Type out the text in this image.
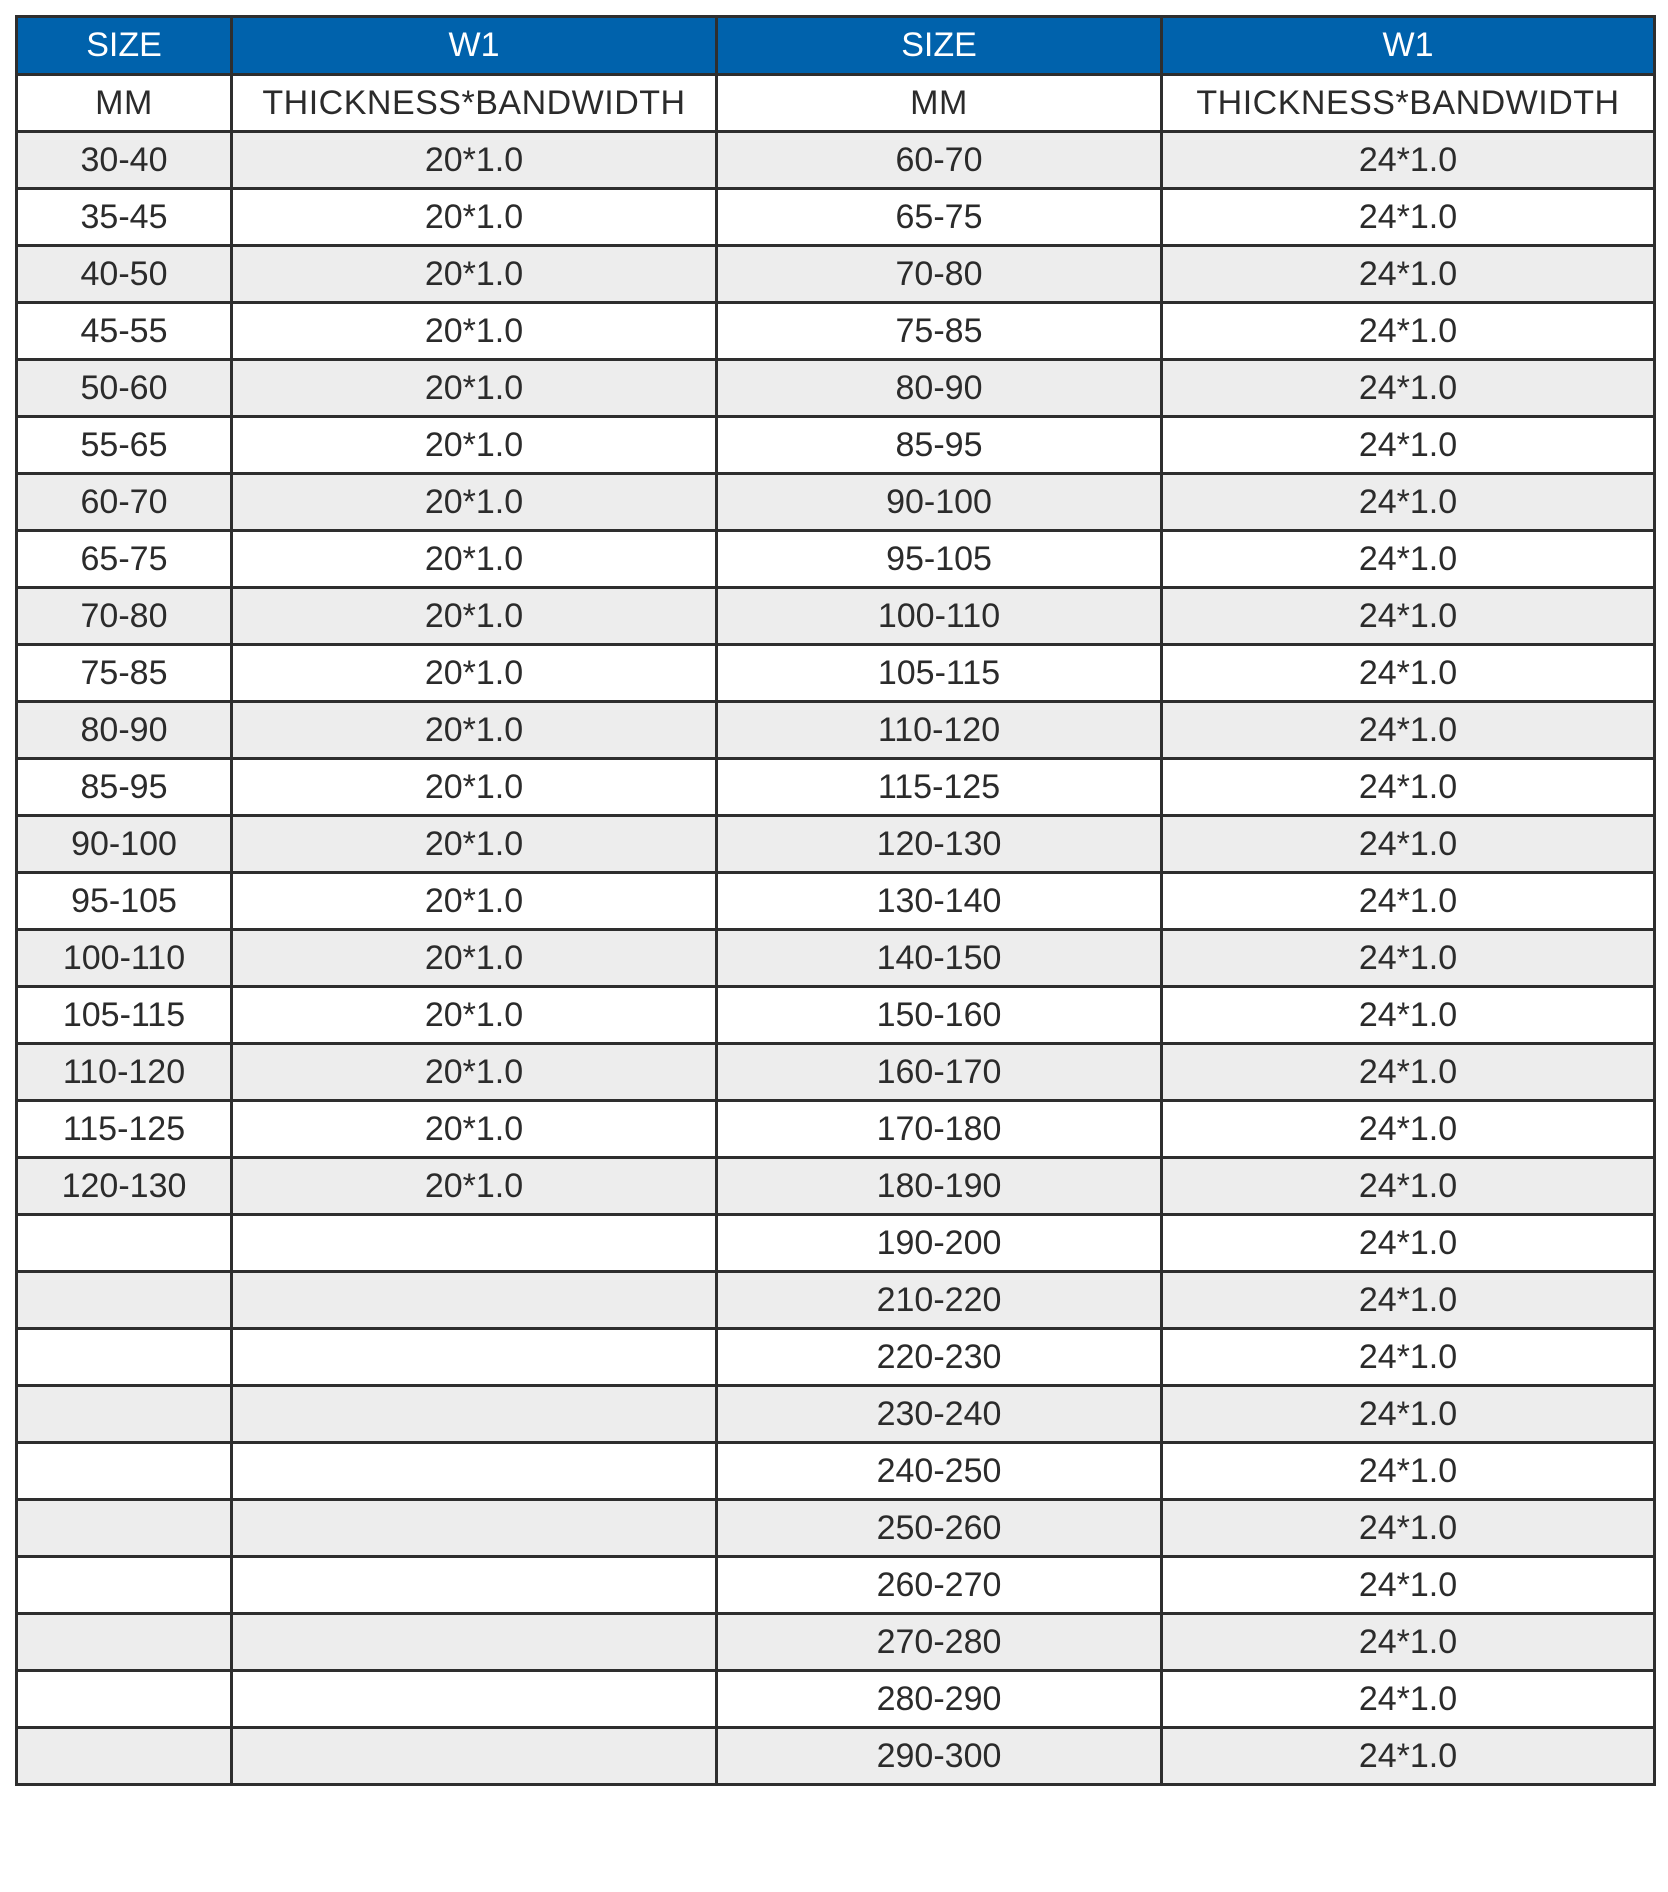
SIZE	W1	SIZE	W1
MM	THICKNESS*BANDWIDTH	MM	THICKNESS*BANDWIDTH
30-40	20*1.0	60-70	24*1.0
35-45	20*1.0	65-75	24*1.0
40-50	20*1.0	70-80	24*1.0
45-55	20*1.0	75-85	24*1.0
50-60	20*1.0	80-90	24*1.0
55-65	20*1.0	85-95	24*1.0
60-70	20*1.0	90-100	24*1.0
65-75	20*1.0	95-105	24*1.0
70-80	20*1.0	100-110	24*1.0
75-85	20*1.0	105-115	24*1.0
80-90	20*1.0	110-120	24*1.0
85-95	20*1.0	115-125	24*1.0
90-100	20*1.0	120-130	24*1.0
95-105	20*1.0	130-140	24*1.0
100-110	20*1.0	140-150	24*1.0
105-115	20*1.0	150-160	24*1.0
110-120	20*1.0	160-170	24*1.0
115-125	20*1.0	170-180	24*1.0
120-130	20*1.0	180-190	24*1.0
		190-200	24*1.0
		210-220	24*1.0
		220-230	24*1.0
		230-240	24*1.0
		240-250	24*1.0
		250-260	24*1.0
		260-270	24*1.0
		270-280	24*1.0
		280-290	24*1.0
		290-300	24*1.0
